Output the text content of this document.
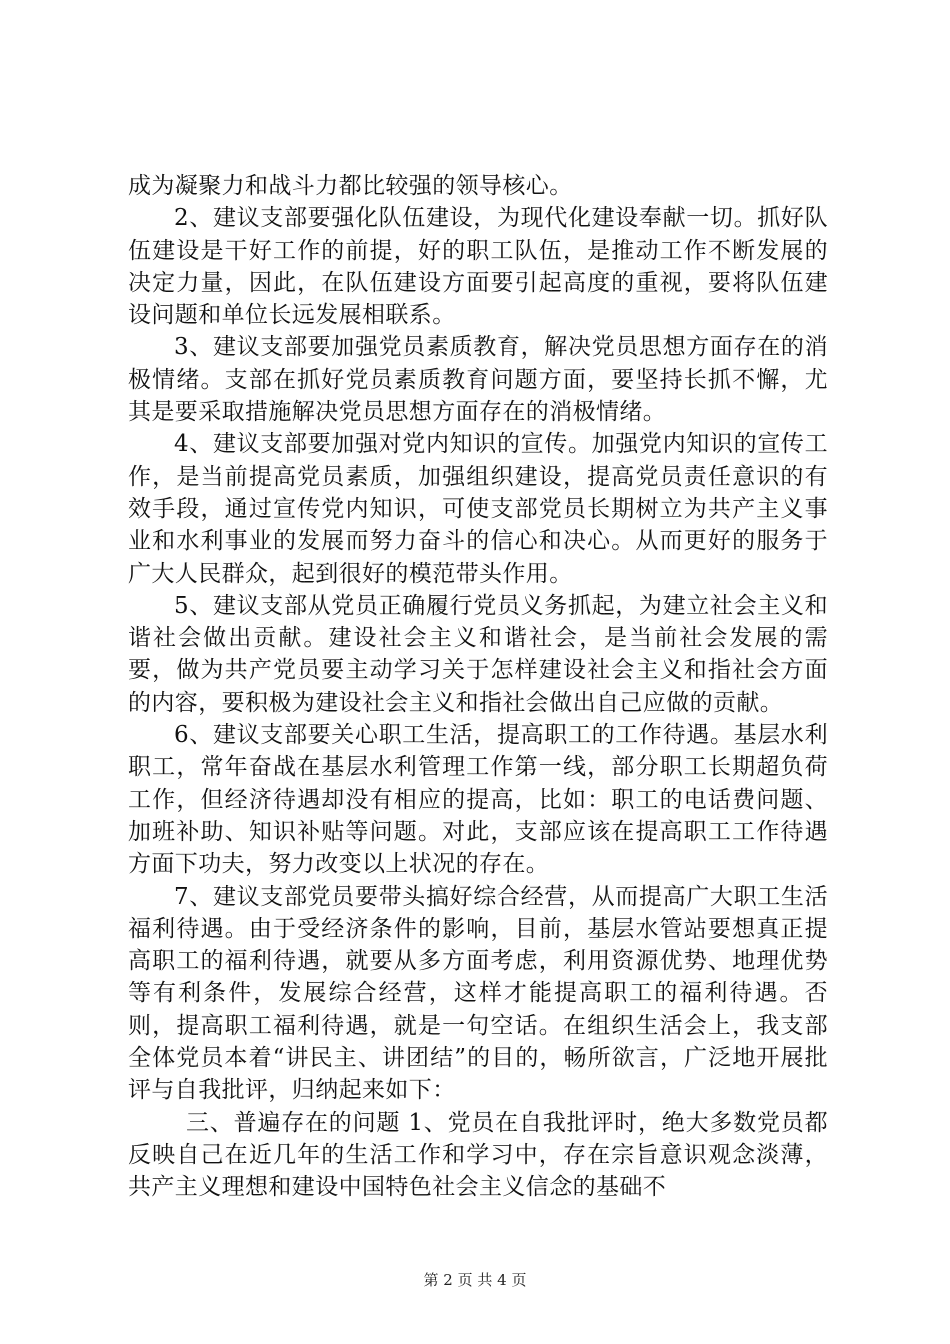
成为凝聚力和战斗力都比较强的领导核心。

2、建议支部要强化队伍建设，为现代化建设奉献一切。抓好队伍建设是干好工作的前提，好的职工队伍，是推动工作不断发展的决定力量，因此，在队伍建设方面要引起高度的重视，要将队伍建设问题和单位长远发展相联系。

3、建议支部要加强党员素质教育，解决党员思想方面存在的消极情绪。支部在抓好党员素质教育问题方面，要坚持长抓不懈，尤其是要采取措施解决党员思想方面存在的消极情绪。

4、建议支部要加强对党内知识的宣传。加强党内知识的宣传工作，是当前提高党员素质，加强组织建设，提高党员责任意识的有效手段，通过宣传党内知识，可使支部党员长期树立为共产主义事业和水利事业的发展而努力奋斗的信心和决心。从而更好的服务于广大人民群众，起到很好的模范带头作用。

5、建议支部从党员正确履行党员义务抓起，为建立社会主义和谐社会做出贡献。建设社会主义和谐社会，是当前社会发展的需要，做为共产党员要主动学习关于怎样建设社会主义和指社会方面的内容，要积极为建设社会主义和指社会做出自己应做的贡献。

6、建议支部要关心职工生活，提高职工的工作待遇。基层水利职工，常年奋战在基层水利管理工作第一线，部分职工长期超负荷工作，但经济待遇却没有相应的提高，比如：职工的电话费问题、加班补助、知识补贴等问题。对此，支部应该在提高职工工作待遇方面下功夫，努力改变以上状况的存在。

7、建议支部党员要带头搞好综合经营，从而提高广大职工生活福利待遇。由于受经济条件的影响，目前，基层水管站要想真正提高职工的福利待遇，就要从多方面考虑，利用资源优势、地理优势等有利条件，发展综合经营，这样才能提高职工的福利待遇。否则，提高职工福利待遇，就是一句空话。在组织生活会上，我支部全体党员本着“讲民主、讲团结”的目的，畅所欲言，广泛地开展批评与自我批评，归纳起来如下：

三、普遍存在的问题 1、党员在自我批评时，绝大多数党员都反映自己在近几年的生活工作和学习中，存在宗旨意识观念淡薄，共产主义理想和建设中国特色社会主义信念的基础不

第 2 页 共 4 页
